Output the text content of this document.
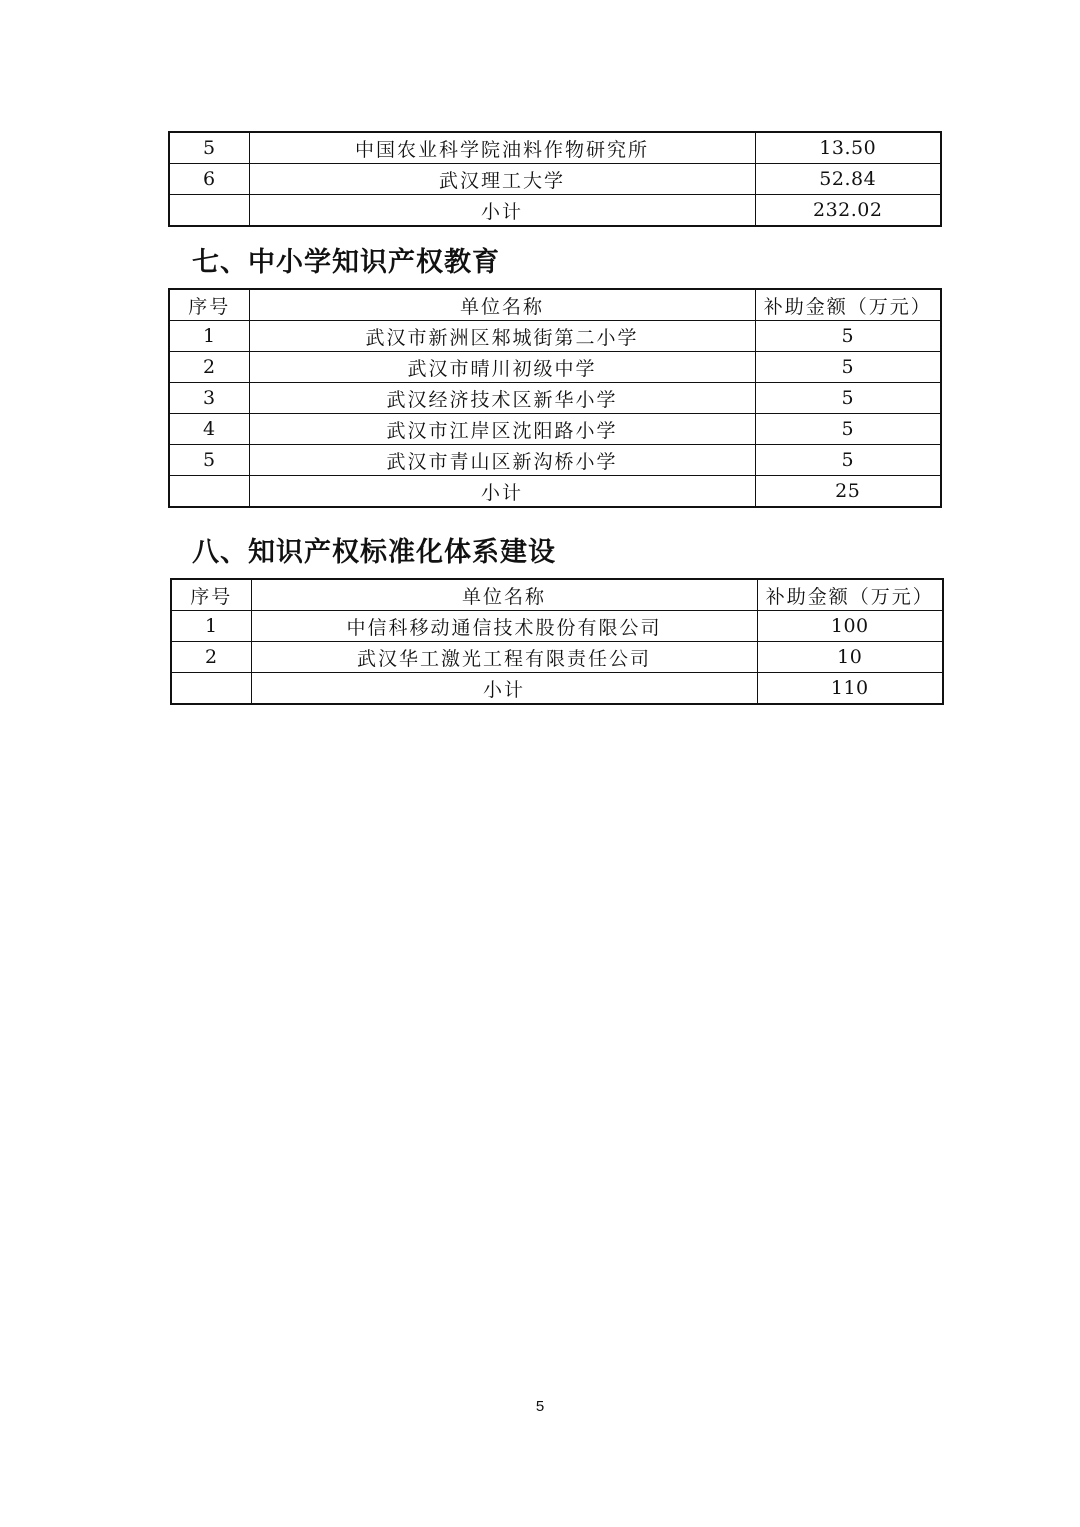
5	中国农业科学院油料作物研究所	13.50
6	武汉理工大学	52.84
	小计	232.02
七、中小学知识产权教育
序号	单位名称	补助金额（万元）
1	武汉市新洲区邾城街第二小学	5
2	武汉市晴川初级中学	5
3	武汉经济技术区新华小学	5
4	武汉市江岸区沈阳路小学	5
5	武汉市青山区新沟桥小学	5
	小计	25
八、知识产权标准化体系建设
序号	单位名称	补助金额（万元）
1	中信科移动通信技术股份有限公司	100
2	武汉华工激光工程有限责任公司	10
	小计	110
5
